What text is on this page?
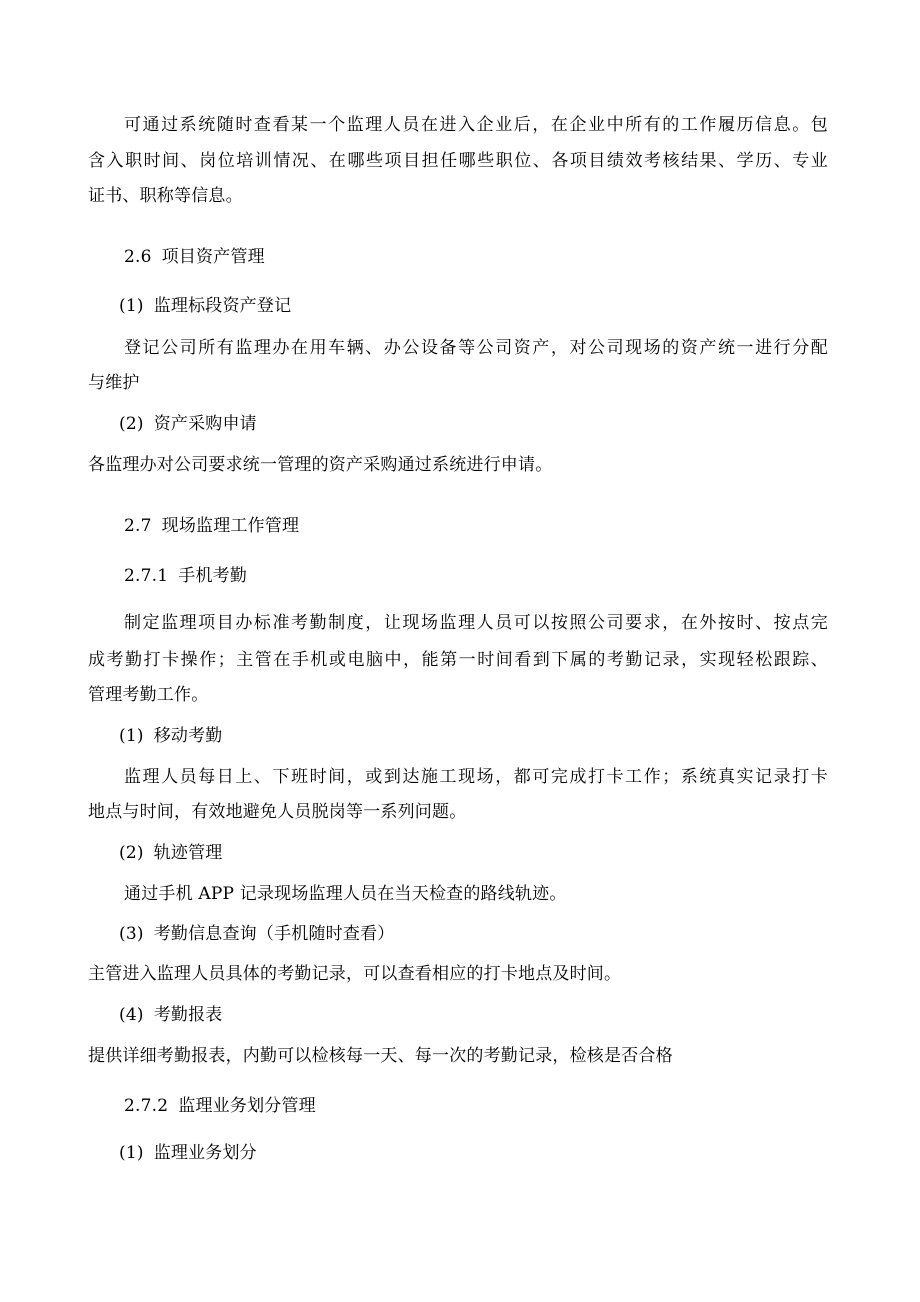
可通过系统随时查看某一个监理人员在进入企业后，在企业中所有的工作履历信息。包
含入职时间、岗位培训情况、在哪些项目担任哪些职位、各项目绩效考核结果、学历、专业
证书、职称等信息。
2.6 项目资产管理
(1) 监理标段资产登记
登记公司所有监理办在用车辆、办公设备等公司资产，对公司现场的资产统一进行分配
与维护
(2) 资产采购申请
各监理办对公司要求统一管理的资产采购通过系统进行申请。
2.7 现场监理工作管理
2.7.1 手机考勤
制定监理项目办标准考勤制度，让现场监理人员可以按照公司要求，在外按时、按点完
成考勤打卡操作；主管在手机或电脑中，能第一时间看到下属的考勤记录，实现轻松跟踪、
管理考勤工作。
(1) 移动考勤
监理人员每日上、下班时间，或到达施工现场，都可完成打卡工作；系统真实记录打卡
地点与时间，有效地避免人员脱岗等一系列问题。
(2) 轨迹管理
通过手机 APP 记录现场监理人员在当天检查的路线轨迹。
(3) 考勤信息查询（手机随时查看）
主管进入监理人员具体的考勤记录，可以查看相应的打卡地点及时间。
(4) 考勤报表
提供详细考勤报表，内勤可以检核每一天、每一次的考勤记录，检核是否合格
2.7.2 监理业务划分管理
(1) 监理业务划分
